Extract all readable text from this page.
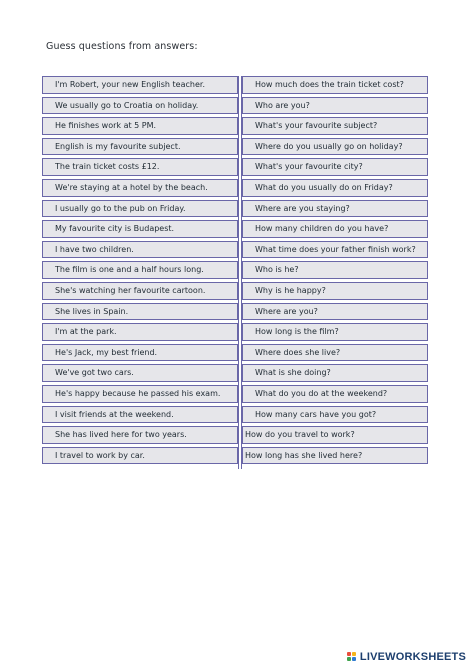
Guess questions from answers:
I'm Robert, your new English teacher.
We usually go to Croatia on holiday.
He finishes work at 5 PM.
English is my favourite subject.
The train ticket costs £12.
We're staying at a hotel by the beach.
I usually go to the pub on Friday.
My favourite city is Budapest.
I have two children.
The film is one and a half hours long.
She's watching her favourite cartoon.
She lives in Spain.
I'm at the park.
He's Jack, my best friend.
We've got two cars.
He's happy because he passed his exam.
I visit friends at the weekend.
She has lived here for two years.
I travel to work by car.
How much does the train ticket cost?
Who are you?
What's your favourite subject?
Where do you usually go on holiday?
What's your favourite city?
What do you usually do on Friday?
Where are you staying?
How many children do you have?
What time does your father finish work?
Who is he?
Why is he happy?
Where are you?
How long is the film?
Where does she live?
What is she doing?
What do you do at the weekend?
How many cars have you got?
How do you travel to work?
How long has she lived here?
LIVEWORKSHEETS
